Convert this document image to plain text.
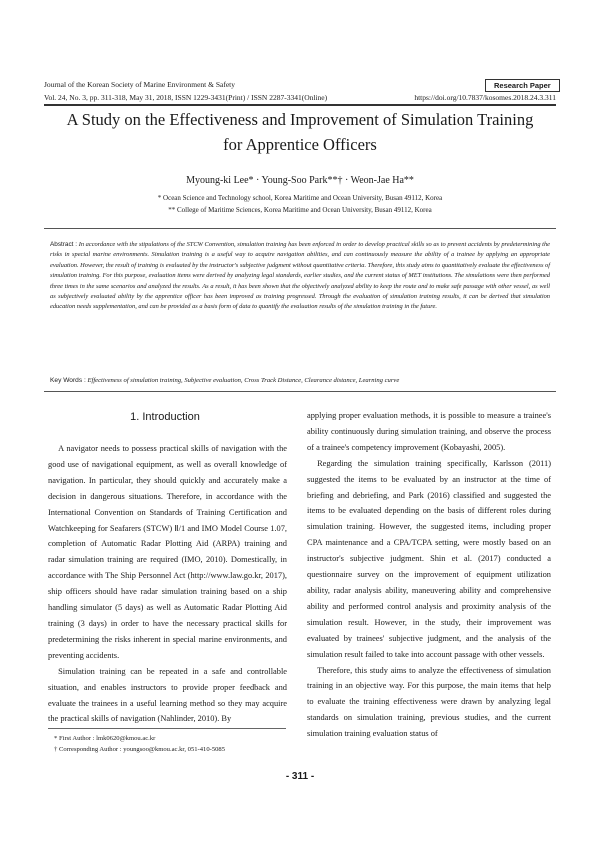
Journal of the Korean Society of Marine Environment & Safety	Research Paper
Vol. 24, No. 3, pp. 311-318, May 31, 2018, ISSN 1229-3431(Print) / ISSN 2287-3341(Online)	https://doi.org/10.7837/kosomes.2018.24.3.311
A Study on the Effectiveness and Improvement of Simulation Training
for Apprentice Officers
Myoung-ki Lee* · Young-Soo Park**† · Weon-Jae Ha**
* Ocean Science and Technology school, Korea Maritime and Ocean University, Busan 49112, Korea
** College of Maritime Sciences, Korea Maritime and Ocean University, Busan 49112, Korea
Abstract : In accordance with the stipulations of the STCW Convention, simulation training has been enforced in order to develop practical skills so as to prevent accidents by predetermining the risks in special marine environments. Simulation training is a useful way to acquire navigation abilities, and can continuously measure the ability of a trainee by applying an appropriate evaluation. However, the result of training is evaluated by the instructor's subjective judgment without quantitative criteria. Therefore, this study aims to quantitatively evaluate the effectiveness of simulation training. For this purpose, evaluation items were derived by analyzing legal standards, earlier studies, and the current status of MET institutions. The simulations were then performed three times in the same scenarios and analyzed the results. As a result, it has been shown that the objectively analyzed ability to keep the route and to make safe passage with other vessel, as well as subjectively evaluated ability by the apprentice officer has been improved as training progressed. Through the evaluation of simulation training results, it can be derived that simulation education needs supplementation, and can be provided as a basis form of data to quantify the evaluation results of the simulation training in the future.
Key Words : Effectiveness of simulation training, Subjective evaluation, Cross Track Distance, Clearance distance, Learning curve
1. Introduction

A navigator needs to possess practical skills of navigation with the good use of navigational equipment, as well as overall knowledge of navigation. In particular, they should quickly and accurately make a decision in dangerous situations. Therefore, in accordance with the International Convention on Standards of Training Certification and Watchkeeping for Seafarers (STCW) Ⅱ/1 and IMO Model Course 1.07, completion of Automatic Radar Plotting Aid (ARPA) training and radar simulation training are required (IMO, 2010). Domestically, in accordance with The Ship Personnel Act (http://www.law.go.kr, 2017), ship officers should have radar simulation training based on a ship handling simulator (5 days) as well as Automatic Radar Plotting Aid training (3 days) in order to have the necessary practical skills for predetermining the risks inherent in special marine environments, and preventing accidents.

Simulation training can be repeated in a safe and controllable situation, and enables instructors to provide proper feedback and evaluate the trainees in a useful learning method so they may acquire the practical skills of navigation (Nahlinder, 2010). By

applying proper evaluation methods, it is possible to measure a trainee's ability continuously during simulation training, and observe the process of a trainee's competency improvement (Kobayashi, 2005).

Regarding the simulation training specifically, Karlsson (2011) suggested the items to be evaluated by an instructor at the time of briefing and debriefing, and Park (2016) classified and suggested the items to be evaluated depending on the basis of different roles during simulation training. However, the suggested items, including proper CPA maintenance and a CPA/TCPA setting, were mostly based on an instructor's subjective judgment. Shin et al. (2017) conducted a questionnaire survey on the improvement of equipment utilization ability, radar analysis ability, maneuvering ability and comprehensive ability and performed control analysis and proximity analysis of the simulation result. However, in the study, their improvement was evaluated by trainees' subjective judgment, and the analysis of the simulation result failed to take into account passage with other vessels.

Therefore, this study aims to analyze the effectiveness of simulation training in an objective way. For this purpose, the main items that help to evaluate the training effectiveness were drawn by analyzing legal standards on simulation training, previous studies, and the current simulation training evaluation status of

* First Author : lmk0620@kmou.ac.kr
† Corresponding Author : youngsoo@kmou.ac.kr, 051-410-5085
- 311 -
